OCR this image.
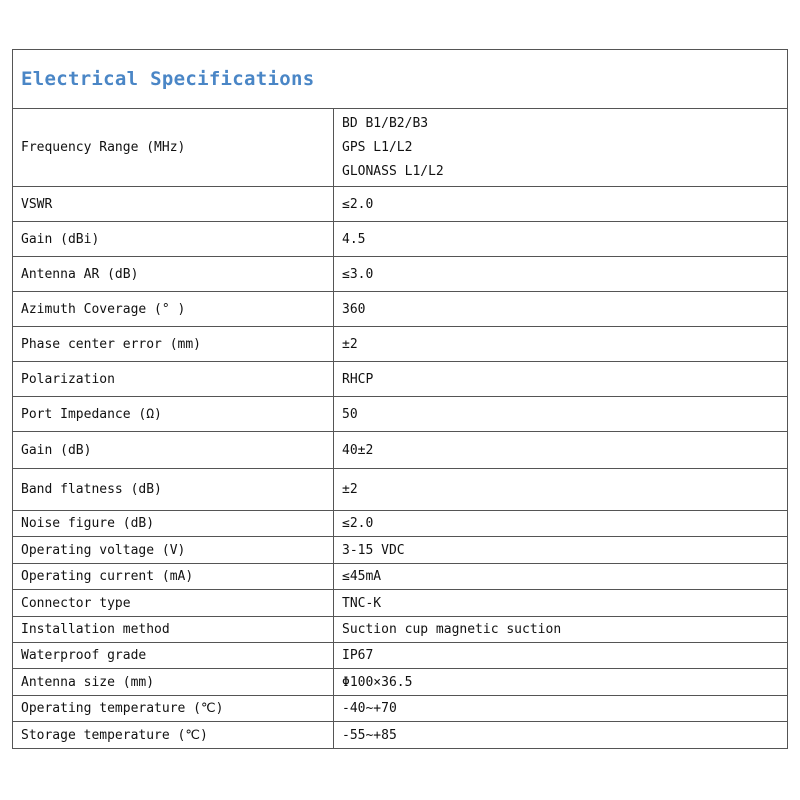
Electrical Specifications	
Frequency Range (MHz)	BD B1/B2/B3
GPS L1/L2
GLONASS L1/L2

VSWR	≤2.0
Gain (dBi)	4.5
Antenna AR (dB)	≤3.0
Azimuth Coverage (° )	360
Phase center error (mm)	±2
Polarization	RHCP
Port Impedance (Ω)	50
Gain (dB)	40±2
Band flatness (dB)	±2
Noise figure (dB)	≤2.0
Operating voltage (V)	3-15 VDC
Operating current (mA)	≤45mA
Connector type	TNC-K
Installation method	Suction cup magnetic suction
Waterproof grade	IP67
Antenna size (mm)	Φ100×36.5
Operating temperature (℃)	-40~+70
Storage temperature (℃)	-55~+85
